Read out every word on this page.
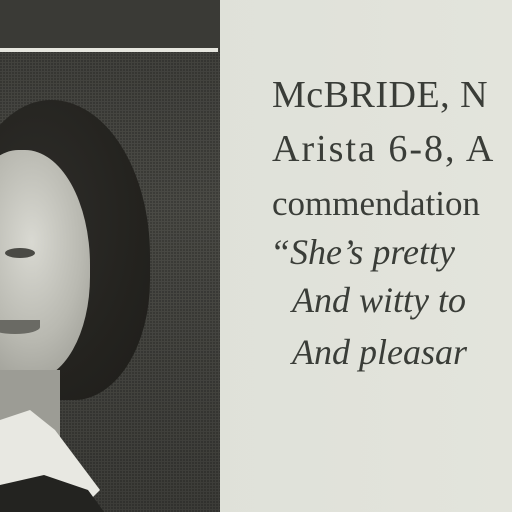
McBRIDE, N
Arista 6-8, A
commendation
“She’s pretty
And witty to
And pleasar
